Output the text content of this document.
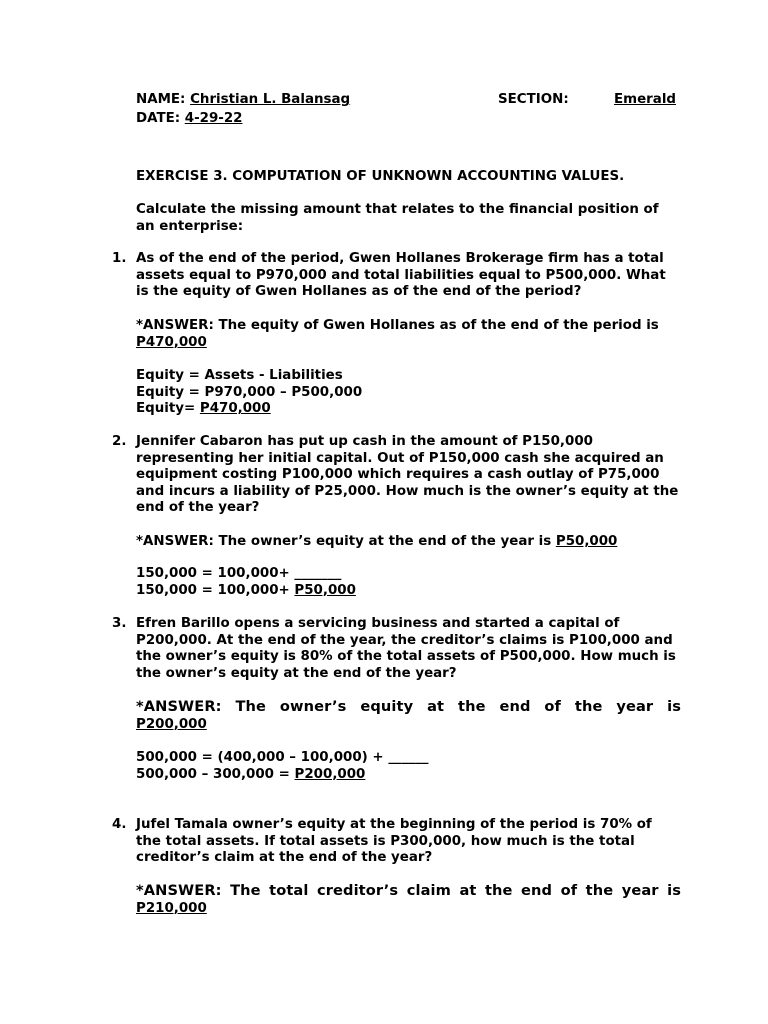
NAME: Christian L. Balansag	SECTION:	Emerald
DATE: 4-29-22
EXERCISE 3. COMPUTATION OF UNKNOWN ACCOUNTING VALUES.
Calculate the missing amount that relates to the financial position of an enterprise:
1. As of the end of the period, Gwen Hollanes Brokerage firm has a total assets equal to P970,000 and total liabilities equal to P500,000. What is the equity of Gwen Hollanes as of the end of the period?

*ANSWER: The equity of Gwen Hollanes as of the end of the period is

P470,000

Equity = Assets - Liabilities

Equity = P970,000 – P500,000

Equity= P470,000

2. Jennifer Cabaron has put up cash in the amount of P150,000 representing her initial capital. Out of P150,000 cash she acquired an equipment costing P100,000 which requires a cash outlay of P75,000 and incurs a liability of P25,000. How much is the owner’s equity at the end of the year?

*ANSWER: The owner’s equity at the end of the year is P50,000

150,000 = 100,000+ _______

150,000 = 100,000+ P50,000

3. Efren Barillo opens a servicing business and started a capital of P200,000. At the end of the year, the creditor’s claims is P100,000 and the owner’s equity is 80% of the total assets of P500,000. How much is the owner’s equity at the end of the year?

*ANSWER: The owner’s equity at the end of the year is

P200,000

500,000 = (400,000 – 100,000) + ______

500,000 – 300,000 = P200,000

4. Jufel Tamala owner’s equity at the beginning of the period is 70% of the total assets. If total assets is P300,000, how much is the total creditor’s claim at the end of the year?

*ANSWER: The total creditor’s claim at the end of the year is

P210,000
